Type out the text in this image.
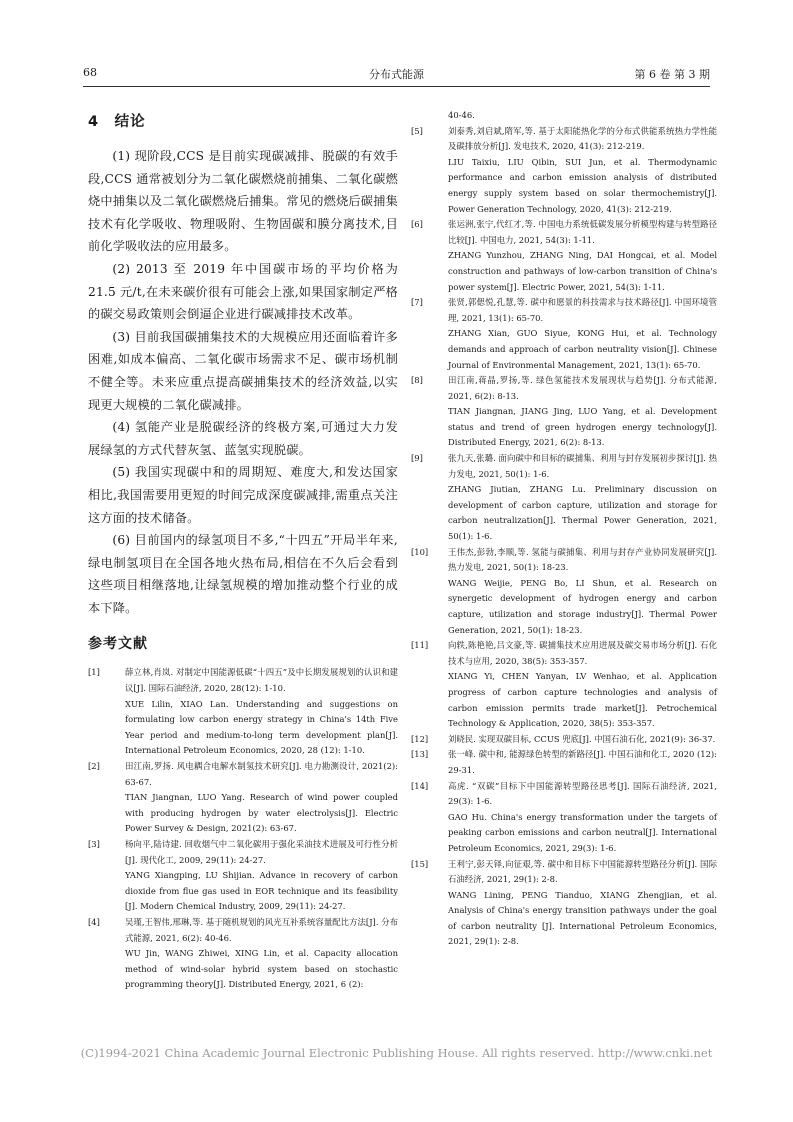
68	分布式能源	第 6 卷 第 3 期
4　结论

(1) 现阶段,CCS 是目前实现碳减排、脱碳的有效手段,CCS 通常被划分为二氧化碳燃烧前捕集、二氧化碳燃烧中捕集以及二氧化碳燃烧后捕集。常见的燃烧后碳捕集技术有化学吸收、物理吸附、生物固碳和膜分离技术,目前化学吸收法的应用最多。

(2) 2013 至 2019 年中国碳市场的平均价格为 21.5 元/t,在未来碳价很有可能会上涨,如果国家制定严格的碳交易政策则会倒逼企业进行碳减排技术改革。

(3) 目前我国碳捕集技术的大规模应用还面临着许多困难,如成本偏高、二氧化碳市场需求不足、碳市场机制不健全等。未来应重点提高碳捕集技术的经济效益,以实现更大规模的二氧化碳减排。

(4) 氢能产业是脱碳经济的终极方案,可通过大力发展绿氢的方式代替灰氢、蓝氢实现脱碳。

(5) 我国实现碳中和的周期短、难度大,和发达国家相比,我国需要用更短的时间完成深度碳减排,需重点关注这方面的技术储备。

(6) 目前国内的绿氢项目不多,“十四五”开局半年来,绿电制氢项目在全国各地火热布局,相信在不久后会看到这些项目相继落地,让绿氢规模的增加推动整个行业的成本下降。

参考文献
[1]	薛立林,肖岚. 对制定中国能源低碳“十四五”及中长期发展规划的认识和建议[J]. 国际石油经济, 2020, 28(12): 1-10.
XUE Lilin, XIAO Lan. Understanding and suggestions on formulating low carbon energy strategy in China's 14th Five Year period and medium-to-long term development plan[J]. International Petroleum Economics, 2020, 28 (12): 1-10.
[2]	田江南,罗扬. 风电耦合电解水制氢技术研究[J]. 电力勘测设计, 2021(2): 63-67.
TIAN Jiangnan, LUO Yang. Research of wind power coupled with producing hydrogen by water electrolysis[J]. Electric Power Survey & Design, 2021(2): 63-67.
[3]	杨向平,陆诗建. 回收烟气中二氧化碳用于强化采油技术进展及可行性分析[J]. 现代化工, 2009, 29(11): 24-27.
YANG Xiangping, LU Shijian. Advance in recovery of carbon dioxide from flue gas used in EOR technique and its feasibility [J]. Modern Chemical Industry, 2009, 29(11): 24-27.
[4]	吴瑾,王智伟,邢琳,等. 基于随机规划的风光互补系统容量配比方法[J]. 分布式能源, 2021, 6(2): 40-46.
WU Jin, WANG Zhiwei, XING Lin, et al. Capacity allocation method of wind-solar hybrid system based on stochastic programming theory[J]. Distributed Energy, 2021, 6 (2):
40-46.
[5]	刘泰秀,刘启斌,隋军,等. 基于太阳能热化学的分布式供能系统热力学性能及碳排放分析[J]. 发电技术, 2020, 41(3): 212-219.
LIU Taixiu, LIU Qibin, SUI Jun, et al. Thermodynamic performance and carbon emission analysis of distributed energy supply system based on solar thermochemistry[J]. Power Generation Technology, 2020, 41(3): 212-219.
[6]	张运洲,张宁,代红才,等. 中国电力系统低碳发展分析模型构建与转型路径比较[J]. 中国电力, 2021, 54(3): 1-11.
ZHANG Yunzhou, ZHANG Ning, DAI Hongcai, et al. Model construction and pathways of low-carbon transition of China's power system[J]. Electric Power, 2021, 54(3): 1-11.
[7]	张贤,郭偲悦,孔慧,等. 碳中和愿景的科技需求与技术路径[J]. 中国环境管理, 2021, 13(1): 65-70.
ZHANG Xian, GUO Siyue, KONG Hui, et al. Technology demands and approach of carbon neutrality vision[J]. Chinese Journal of Environmental Management, 2021, 13(1): 65-70.
[8]	田江南,蒋晶,罗扬,等. 绿色氢能技术发展现状与趋势[J]. 分布式能源, 2021, 6(2): 8-13.
TIAN Jiangnan, JIANG Jing, LUO Yang, et al. Development status and trend of green hydrogen energy technology[J]. Distributed Energy, 2021, 6(2): 8-13.
[9]	张九天,张璐. 面向碳中和目标的碳捕集、利用与封存发展初步探讨[J]. 热力发电, 2021, 50(1): 1-6.
ZHANG Jiutian, ZHANG Lu. Preliminary discussion on development of carbon capture, utilization and storage for carbon neutralization[J]. Thermal Power Generation, 2021, 50(1): 1-6.
[10] 王伟杰,彭勃,李顺,等. 氢能与碳捕集、利用与封存产业协同发展研究[J]. 热力发电, 2021, 50(1): 18-23.
WANG Weijie, PENG Bo, LI Shun, et al. Research on synergetic development of hydrogen energy and carbon capture, utilization and storage industry[J]. Thermal Power Generation, 2021, 50(1): 18-23.
[11] 向轶,陈艳艳,吕文豪,等. 碳捕集技术应用进展及碳交易市场分析[J]. 石化技术与应用, 2020, 38(5): 353-357.
XIANG Yi, CHEN Yanyan, LV Wenhao, et al. Application progress of carbon capture technologies and analysis of carbon emission permits trade market[J]. Petrochemical Technology & Application, 2020, 38(5): 353-357.
[12] 刘晓民. 实现双碳目标, CCUS 兜底[J]. 中国石油石化, 2021(9): 36-37.
[13] 张一峰. 碳中和, 能源绿色转型的新路径[J]. 中国石油和化工, 2020 (12): 29-31.
[14] 高虎. “双碳”目标下中国能源转型路径思考[J]. 国际石油经济, 2021, 29(3): 1-6.
GAO Hu. China's energy transformation under the targets of peaking carbon emissions and carbon neutral[J]. International Petroleum Economics, 2021, 29(3): 1-6.
[15] 王利宁,彭天铎,向征艰,等. 碳中和目标下中国能源转型路径分析[J]. 国际石油经济, 2021, 29(1): 2-8.
WANG Lining, PENG Tianduo, XIANG Zhengjian, et al. Analysis of China's energy transition pathways under the goal of carbon neutrality [J]. International Petroleum Economics, 2021, 29(1): 2-8.
(C)1994-2021 China Academic Journal Electronic Publishing House. All rights reserved. http://www.cnki.net
